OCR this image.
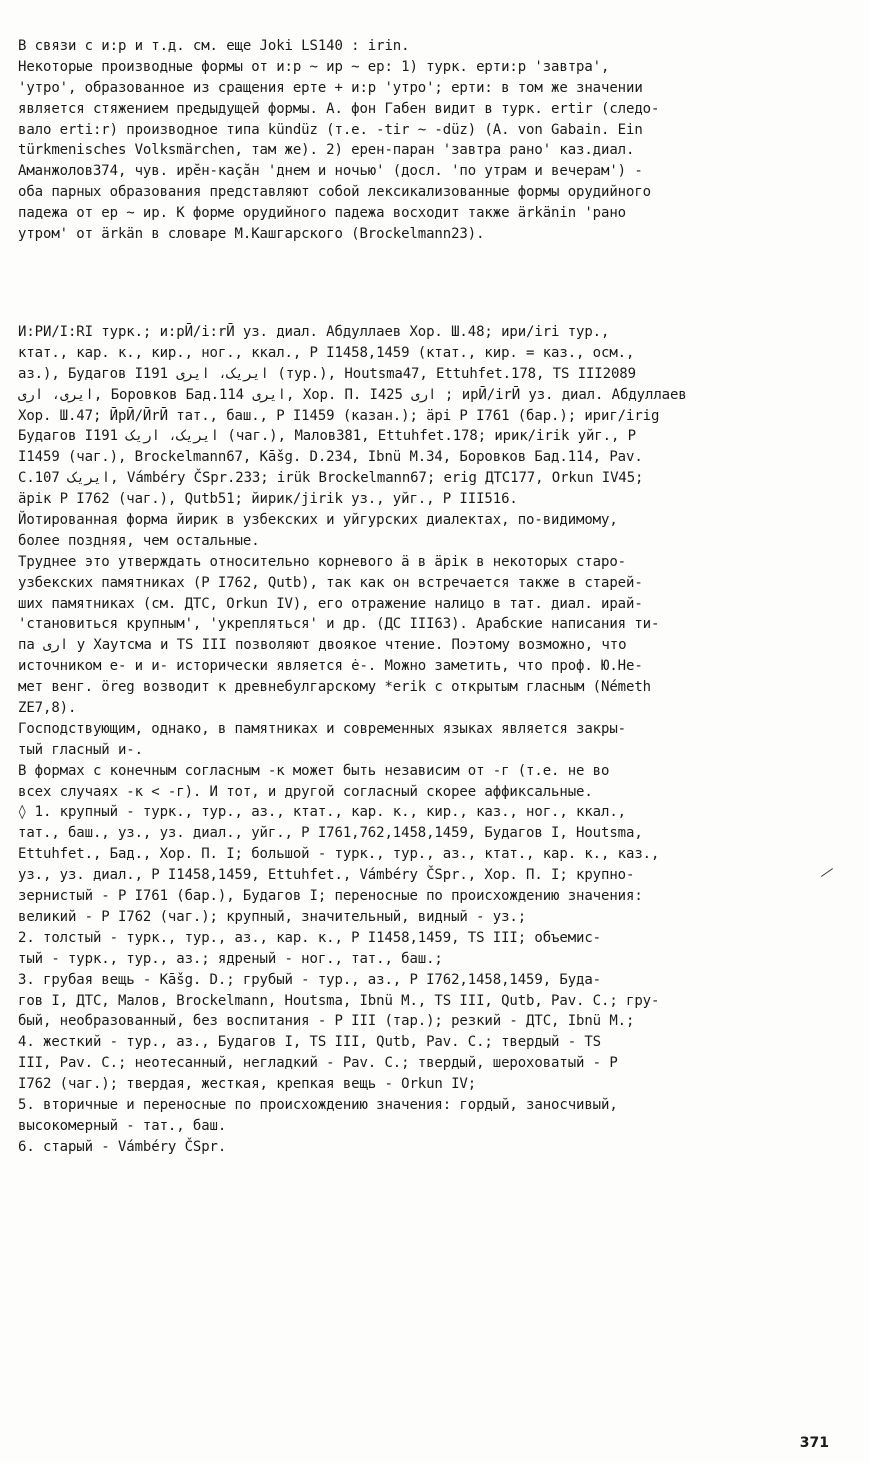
В связи с и:р и т.д. см. еще Joki LS140 : irin.

Некоторые производные формы от и:р ~ ир ~ ер: 1) турк. ерти:р 'завтра',

'утро', образованное из сращения ерте + и:р 'утро'; ерти: в том же значении

является стяжением предыдущей формы. А. фон Габен видит в турк. ertir (следо-

вало erti:r) производное типа kündüz (т.е. -tir ~ -düz) (A. von Gabain. Ein

türkmenisches Volksmärchen, там же). 2) ерен-паран 'завтра рано' каз.диал.

Аманжолов374, чув. ирӗн-каҫӑн 'днем и ночью' (досл. 'по утрам и вечерам') -

оба парных образования представляют собой лексикализованные формы орудийного

падежа от ер ~ ир. К форме орудийного падежа восходит также ärkänin 'рано

утром' от ärkän в словаре М.Кашгарского (Brockelmann23).

И:РИ/I:RI турк.; и:рӢ/i:rӢ уз. диал. Абдуллаев Хор. Ш.48; ири/iri тур.,

ктат., кар. к., кир., ног., ккал., P I1458,1459 (ктат., кир. = каз., осм.,

аз.), Будагов I191 ایریک، ایری (тур.), Houtsma47, Ettuhfet.178, TS III2089

ایری، اری, Боровков Бад.114 ایری, Хор. П. I425 اری ; ирӢ/irӢ уз. диал. Абдуллаев

Хор. Ш.47; ӢрӢ/ӢrӢ тат., баш., P I1459 (казан.); ӓрі P I761 (бар.); ириг/irig

Будагов I191 ایریک، اریک (чаг.), Малов381, Ettuhfet.178; ирик/irik уйг., P

I1459 (чаг.), Brockelmann67, Kāšg. D.234, Ibnü M.34, Боровков Бад.114, Pav.

C.107 ایریک, Vámbéry ČSpr.233; irük Brockelmann67; erig ДТС177, Orkun IV45;

ӓрік P I762 (чаг.), Qutb51; йирик/jirik уз., уйг., P III516.

Йотированная форма йирик в узбекских и уйгурских диалектах, по-видимому,

более поздняя, чем остальные.

Труднее это утверждать относительно корневого ӓ в ӓрік в некоторых старо-

узбекских памятниках (P I762, Qutb), так как он встречается также в старей-

ших памятниках (см. ДТС, Orkun IV), его отражение налицо в тат. диал. ирай-

'становиться крупным', 'укрепляться' и др. (ДС III63). Арабские написания ти-

па اری у Хаутсма и TS III позволяют двоякое чтение. Поэтому возможно, что

источником е- и и- исторически является е̇-. Можно заметить, что проф. Ю.Не-

мет венг. öreg возводит к древнебулгарскому *erik с открытым гласным (Németh

ZE7,8).

Господствующим, однако, в памятниках и современных языках является закры-

тый гласный и-.

В формах с конечным согласным -к может быть независим от -г (т.е. не во

всех случаях -к < -г). И тот, и другой согласный скорее аффиксальные.

◊ 1. крупный - турк., тур., аз., ктат., кар. к., кир., каз., ног., ккал.,

тат., баш., уз., уз. диал., уйг., P I761,762,1458,1459, Будагов I, Houtsma,

Ettuhfet., Бад., Хор. П. I; большой - турк., тур., аз., ктат., кар. к., каз.,

уз., уз. диал., P I1458,1459, Ettuhfet., Vámbéry ČSpr., Хор. П. I; крупно-

зернистый - P I761 (бар.), Будагов I; переносные по происхождению значения:

великий - P I762 (чаг.); крупный, значительный, видный - уз.;

2. толстый - турк., тур., аз., кар. к., P I1458,1459, TS III; объемис-

тый - турк., тур., аз.; ядреный - ног., тат., баш.;

3. грубая вещь - Kāšg. D.; грубый - тур., аз., P I762,1458,1459, Буда-

гов I, ДТС, Малов, Brockelmann, Houtsma, Ibnü M., TS III, Qutb, Pav. C.; гру-

бый, необразованный, без воспитания - P III (тар.); резкий - ДТС, Ibnü M.;

4. жесткий - тур., аз., Будагов I, TS III, Qutb, Pav. C.; твердый - TS

III, Pav. C.; неотесанный, негладкий - Pav. C.; твердый, шероховатый - P

I762 (чаг.); твердая, жесткая, крепкая вещь - Orkun IV;

5. вторичные и переносные по происхождению значения: гордый, заносчивый,

высокомерный - тат., баш.

6. старый - Vámbéry ČSpr.

371
